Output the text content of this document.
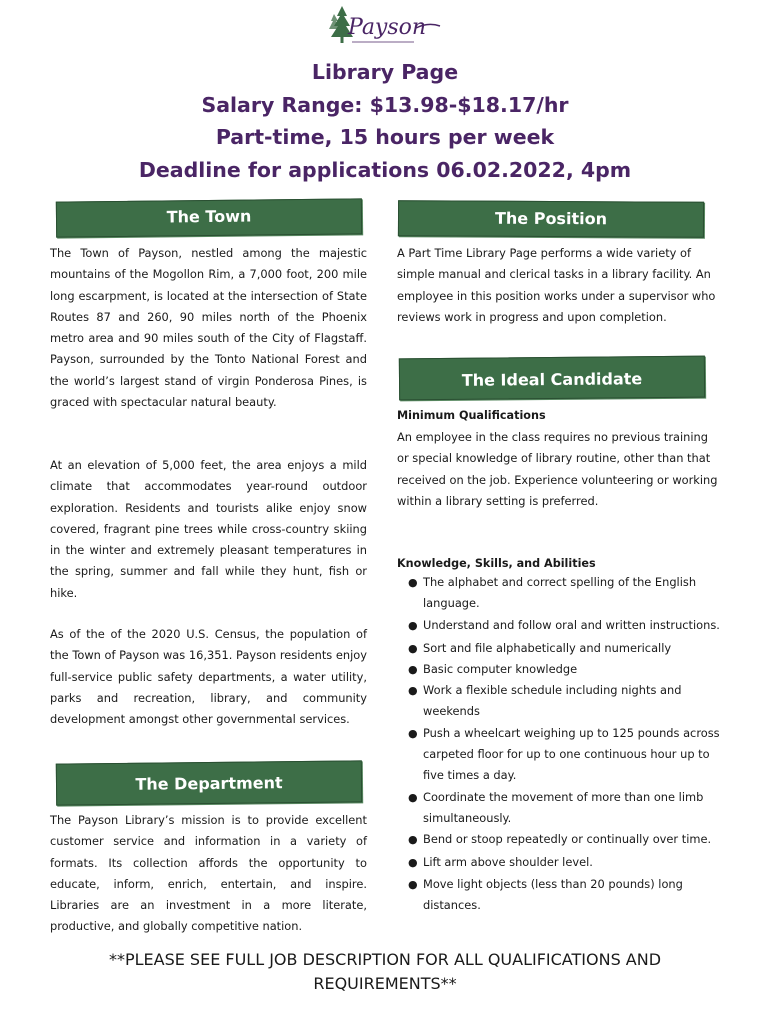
Payson
Library Page
Salary Range: $13.98-$18.17/hr
Part-time, 15 hours per week
Deadline for applications 06.02.2022, 4pm
The Town
The Town of Payson, nestled among the majestic mountains of the Mogollon Rim, a 7,000 foot, 200 mile long escarpment, is located at the intersection of State Routes 87 and 260, 90 miles north of the Phoenix metro area and 90 miles south of the City of Flagstaff. Payson, surrounded by the Tonto National Forest and the world’s largest stand of virgin Ponderosa Pines, is graced with spectacular natural beauty.
At an elevation of 5,000 feet, the area enjoys a mild climate that accommodates year-round outdoor exploration. Residents and tourists alike enjoy snow covered, fragrant pine trees while cross-country skiing in the winter and extremely pleasant temperatures in the spring, summer and fall while they hunt, fish or hike.
As of the of the 2020 U.S. Census, the population of the Town of Payson was 16,351. Payson residents enjoy full-service public safety departments, a water utility, parks and recreation, library, and community development amongst other governmental services.
The Department
The Payson Library’s mission is to provide excellent customer service and information in a variety of formats. Its collection affords the opportunity to educate, inform, enrich, entertain, and inspire. Libraries are an investment in a more literate, productive, and globally competitive nation.
The Position
A Part Time Library Page performs a wide variety of simple manual and clerical tasks in a library facility. An employee in this position works under a supervisor who reviews work in progress and upon completion.
The Ideal Candidate
Minimum Qualifications
An employee in the class requires no previous training or special knowledge of library routine, other than that received on the job. Experience volunteering or working within a library setting is preferred.
Knowledge, Skills, and Abilities
● The alphabet and correct spelling of the English language.
● Understand and follow oral and written instructions.
● Sort and file alphabetically and numerically
● Basic computer knowledge
● Work a flexible schedule including nights and weekends
● Push a wheelcart weighing up to 125 pounds across carpeted floor for up to one continuous hour up to five times a day.
● Coordinate the movement of more than one limb simultaneously.
● Bend or stoop repeatedly or continually over time.
● Lift arm above shoulder level.
● Move light objects (less than 20 pounds) long distances.
**PLEASE SEE FULL JOB DESCRIPTION FOR ALL QUALIFICATIONS AND REQUIREMENTS**
